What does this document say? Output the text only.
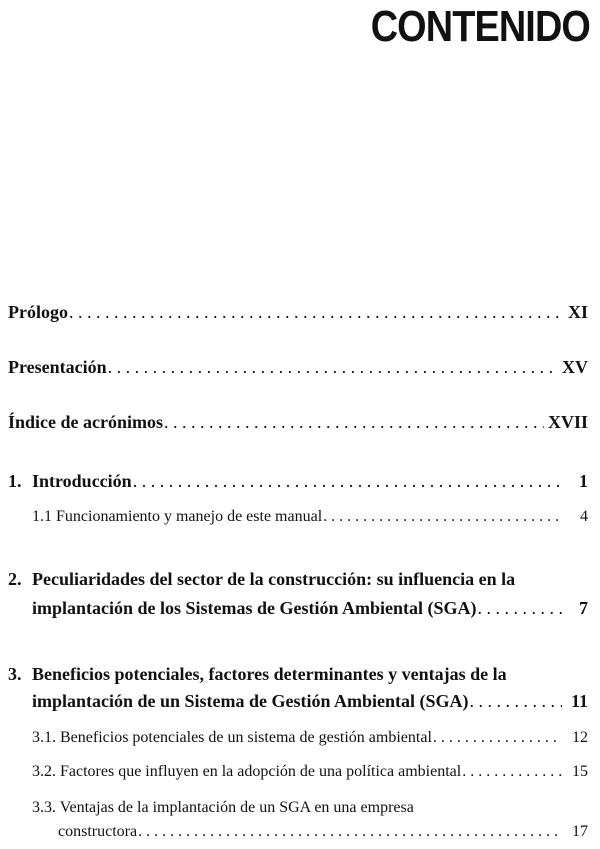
CONTENIDO
Prólogo . . .	XI
Presentación . . .	XV
Índice de acrónimos . . .	XVII
1. Introducción . . .	1
1.1 Funcionamiento y manejo de este manual . . .	4
2. Peculiaridades del sector de la construcción: su influencia en la
implantación de los Sistemas de Gestión Ambiental (SGA) . . .	7
3. Beneficios potenciales, factores determinantes y ventajas de la
implantación de un Sistema de Gestión Ambiental (SGA) . . .	11
3.1. Beneficios potenciales de un sistema de gestión ambiental . . .	12
3.2. Factores que influyen en la adopción de una política ambiental . . .	15
3.3. Ventajas de la implantación de un SGA en una empresa
constructora . . .	17
